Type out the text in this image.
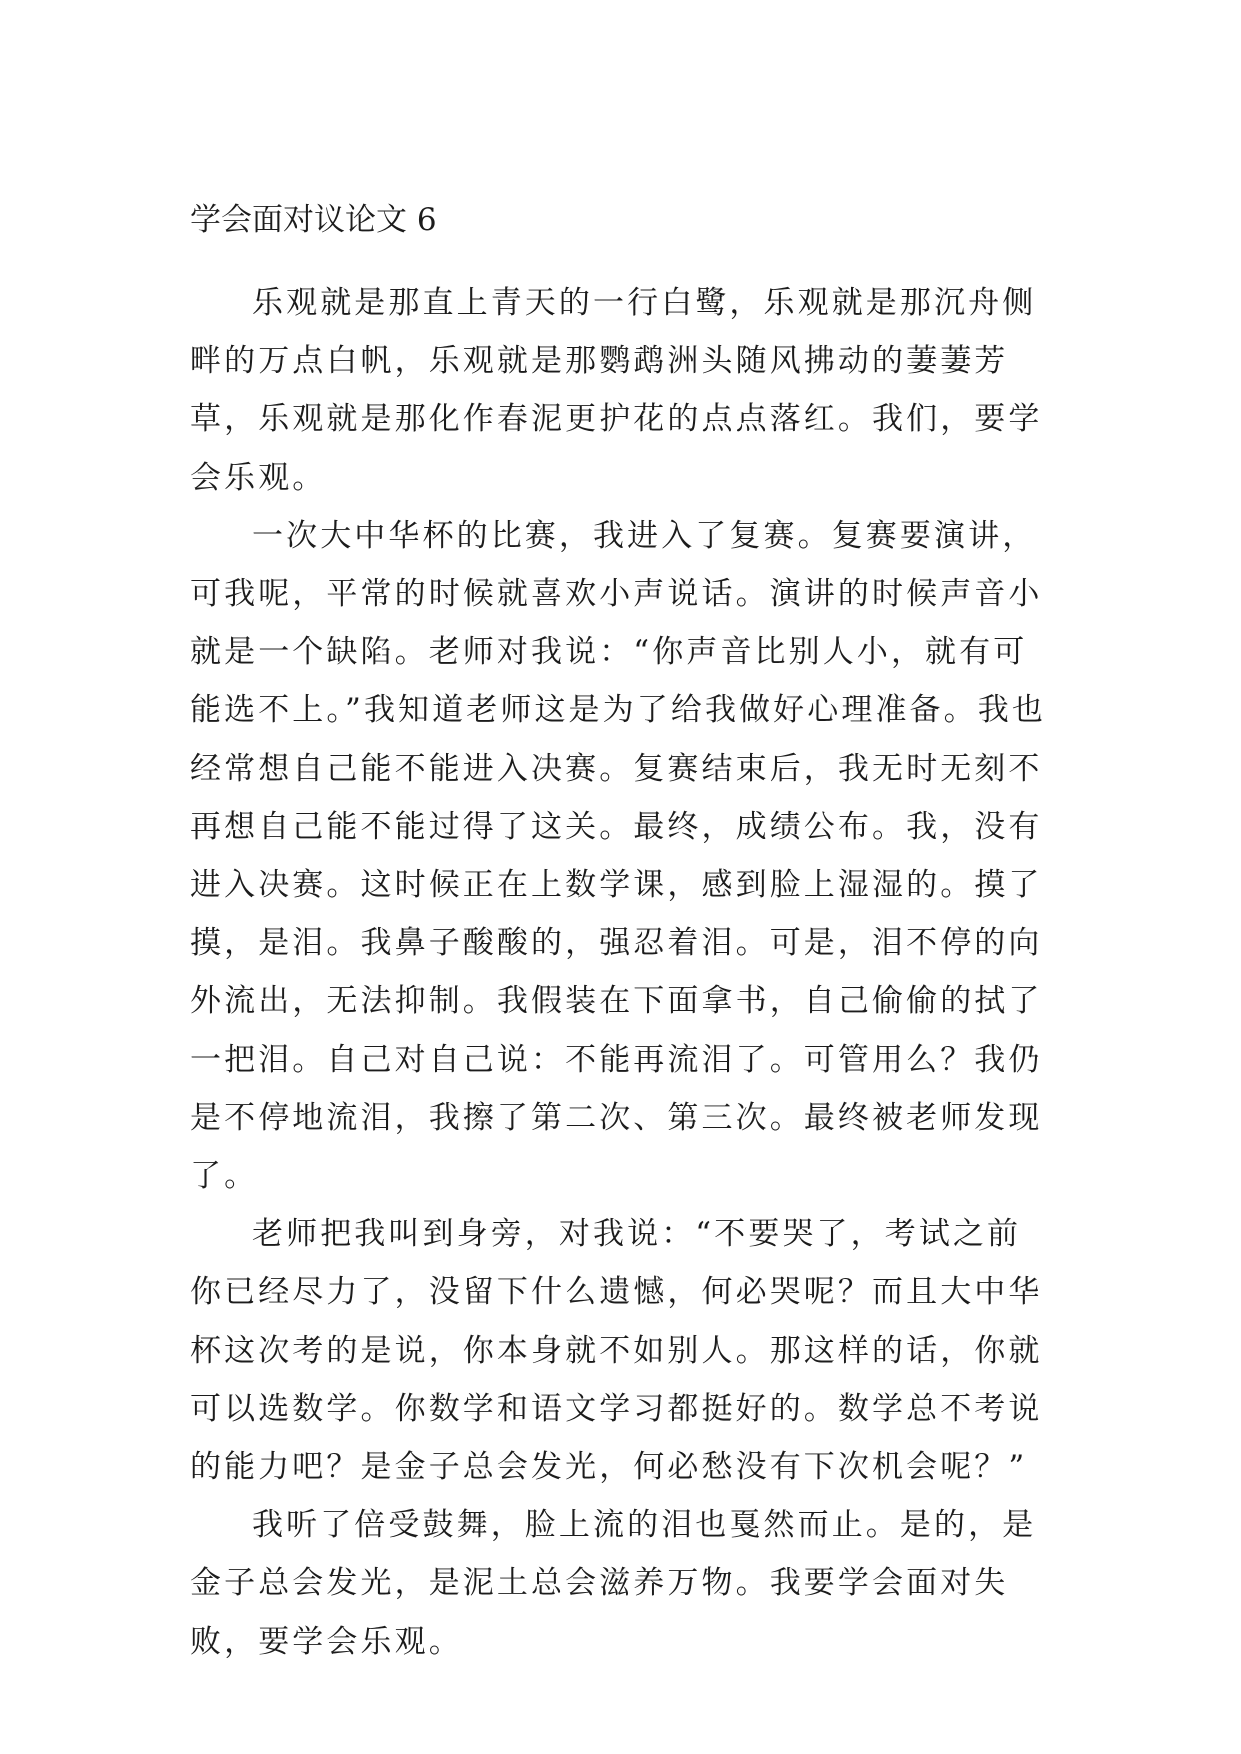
学会面对议论文 6

乐观就是那直上青天的一行白鹭，乐观就是那沉舟侧畔的万点白帆，乐观就是那鹦鹉洲头随风拂动的萋萋芳草，乐观就是那化作春泥更护花的点点落红。我们，要学会乐观。

一次大中华杯的比赛，我进入了复赛。复赛要演讲，可我呢，平常的时候就喜欢小声说话。演讲的时候声音小就是一个缺陷。老师对我说：“你声音比别人小，就有可能选不上。”我知道老师这是为了给我做好心理准备。我也经常想自己能不能进入决赛。复赛结束后，我无时无刻不再想自己能不能过得了这关。最终，成绩公布。我，没有进入决赛。这时候正在上数学课，感到脸上湿湿的。摸了摸，是泪。我鼻子酸酸的，强忍着泪。可是，泪不停的向外流出，无法抑制。我假装在下面拿书，自己偷偷的拭了一把泪。自己对自己说：不能再流泪了。可管用么？我仍是不停地流泪，我擦了第二次、第三次。最终被老师发现了。

老师把我叫到身旁，对我说：“不要哭了，考试之前你已经尽力了，没留下什么遗憾，何必哭呢？而且大中华杯这次考的是说，你本身就不如别人。那这样的话，你就可以选数学。你数学和语文学习都挺好的。数学总不考说的能力吧？是金子总会发光，何必愁没有下次机会呢？”

我听了倍受鼓舞，脸上流的泪也戛然而止。是的，是金子总会发光，是泥土总会滋养万物。我要学会面对失败，要学会乐观。
